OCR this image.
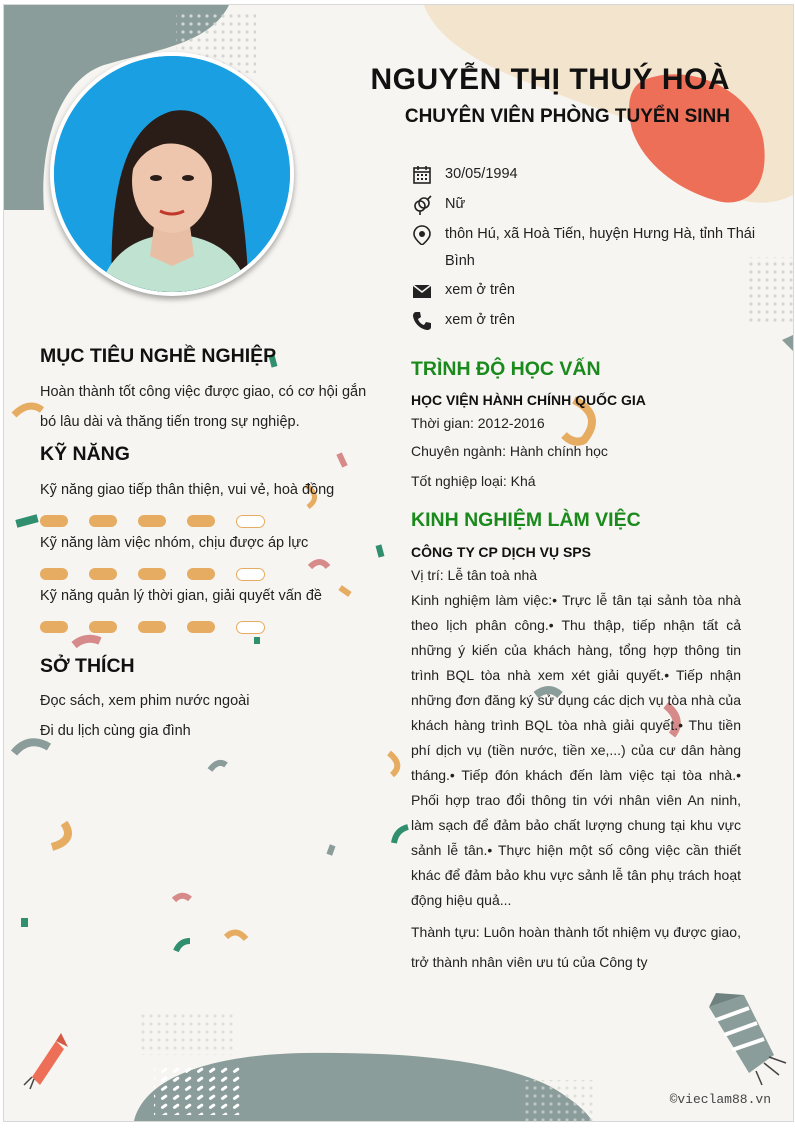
NGUYỄN THỊ THUÝ HOÀ
CHUYÊN VIÊN PHÒNG TUYỂN SINH
30/05/1994
Nữ
thôn Hú, xã Hoà Tiến, huyện Hưng Hà, tỉnh Thái Bình
xem ở trên
xem ở trên
MỤC TIÊU NGHỀ NGHIỆP
Hoàn thành tốt công việc được giao, có cơ hội gắn bó lâu dài và thăng tiến trong sự nghiệp.
KỸ NĂNG
Kỹ năng giao tiếp thân thiện, vui vẻ, hoà đồng
Kỹ năng làm việc nhóm, chịu được áp lực
Kỹ năng quản lý thời gian, giải quyết vấn đề
SỞ THÍCH
Đọc sách, xem phim nước ngoài
Đi du lịch cùng gia đình
TRÌNH ĐỘ HỌC VẤN
HỌC VIỆN HÀNH CHÍNH QUỐC GIA
Thời gian: 2012-2016
Chuyên ngành: Hành chính học
Tốt nghiệp loại: Khá
KINH NGHIỆM LÀM VIỆC
CÔNG TY CP DỊCH VỤ SPS
Vị trí: Lễ tân toà nhà
Kinh nghiệm làm việc:• Trực lễ tân tại sảnh tòa nhà theo lịch phân công.• Thu thập, tiếp nhận tất cả những ý kiến của khách hàng, tổng hợp thông tin trình BQL tòa nhà xem xét giải quyết.• Tiếp nhận những đơn đăng ký sử dụng các dịch vụ tòa nhà của khách hàng trình BQL tòa nhà giải quyết.• Thu tiền phí dịch vụ (tiền nước, tiền xe,...) của cư dân hàng tháng.• Tiếp đón khách đến làm việc tại tòa nhà.• Phối hợp trao đổi thông tin với nhân viên An ninh, làm sạch để đảm bảo chất lượng chung tại khu vực sảnh lễ tân.• Thực hiện một số công việc cần thiết khác để đảm bảo khu vực sảnh lễ tân phụ trách hoạt động hiệu quả...
Thành tựu: Luôn hoàn thành tốt nhiệm vụ được giao, trở thành nhân viên ưu tú của Công ty
©vieclam88.vn
